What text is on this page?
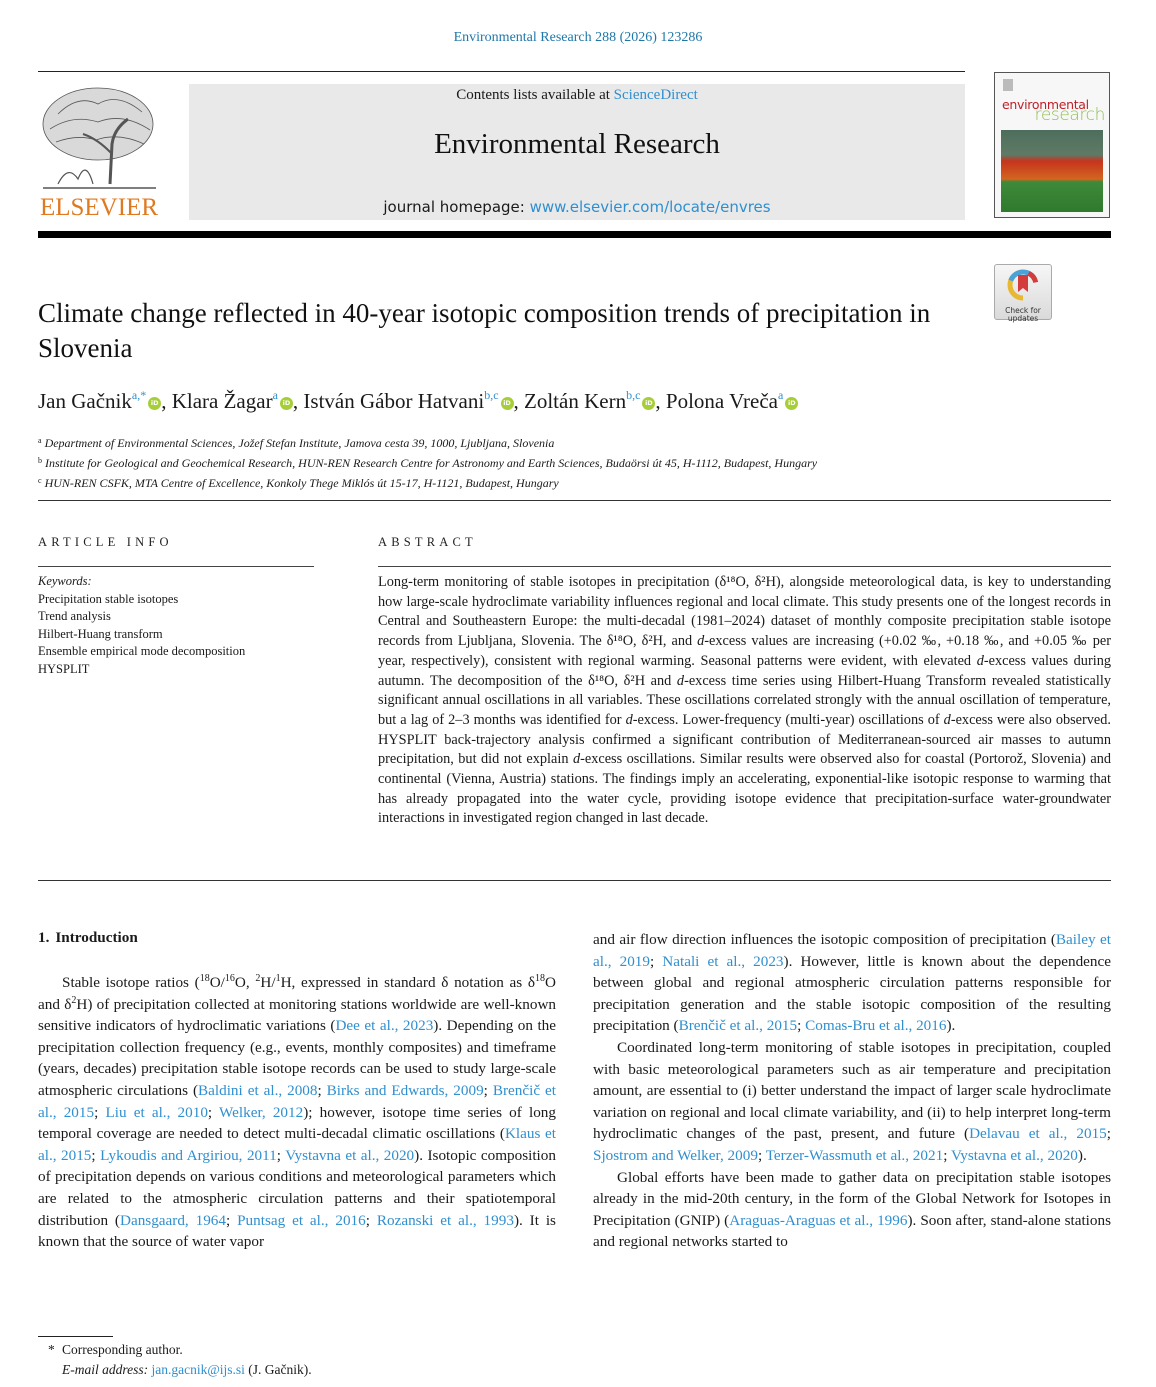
Environmental Research 288 (2026) 123286
ELSEVIER
Contents lists available at ScienceDirect
Environmental Research
journal homepage: www.elsevier.com/locate/envres
environmental
research
Check for
updates
Climate change reflected in 40-year isotopic composition trends of precipitation in Slovenia
Jan Gačnik$^{a,*}$iD , Klara Žagar$^a$iD , István Gábor Hatvani$^{b,c}$iD , Zoltán Kern$^{b,c}$iD , Polona Vreča$^a$iD
$^a$ Department of Environmental Sciences, Jožef Stefan Institute, Jamova cesta 39, 1000, Ljubljana, Slovenia
$^b$ Institute for Geological and Geochemical Research, HUN-REN Research Centre for Astronomy and Earth Sciences, Budaörsi út 45, H-1112, Budapest, Hungary
$^c$ HUN-REN CSFK, MTA Centre of Excellence, Konkoly Thege Miklós út 15-17, H-1121, Budapest, Hungary
ARTICLE INFO	ABSTRACT
Keywords:
Precipitation stable isotopes
Trend analysis
Hilbert-Huang transform
Ensemble empirical mode decomposition
HYSPLIT
Long-term monitoring of stable isotopes in precipitation (δ¹⁸O, δ²H), alongside meteorological data, is key to understanding how large-scale hydroclimate variability influences regional and local climate. This study presents one of the longest records in Central and Southeastern Europe: the multi-decadal (1981–2024) dataset of monthly composite precipitation stable isotope records from Ljubljana, Slovenia. The δ¹⁸O, δ²H, and d-excess values are increasing (+0.02 ‰, +0.18 ‰, and +0.05 ‰ per year, respectively), consistent with regional warming. Seasonal patterns were evident, with elevated d-excess values during autumn. The decomposition of the δ¹⁸O, δ²H and d-excess time series using Hilbert-Huang Transform revealed statistically significant annual oscillations in all variables. These oscillations correlated strongly with the annual oscillation of temperature, but a lag of 2–3 months was identified for d-excess. Lower-frequency (multi-year) oscillations of d-excess were also observed. HYSPLIT back-trajectory analysis confirmed a significant contribution of Mediterranean-sourced air masses to autumn precipitation, but did not explain d-excess oscillations. Similar results were observed also for coastal (Portorož, Slovenia) and continental (Vienna, Austria) stations. The findings imply an accelerating, exponential-like isotopic response to warming that has already propagated into the water cycle, providing isotope evidence that precipitation-surface water-groundwater interactions in investigated region changed in last decade.
1. Introduction

Stable isotope ratios ($^{18}$O/$^{16}$O, $^2$H/$^1$H, expressed in standard δ notation as $\delta^{18}O$ and $\delta^2H$) of precipitation collected at monitoring stations worldwide are well-known sensitive indicators of hydroclimatic variations (Dee et al., 2023). Depending on the precipitation collection frequency (e.g., events, monthly composites) and timeframe (years, decades) precipitation stable isotope records can be used to study large-scale atmospheric circulations (Baldini et al., 2008; Birks and Edwards, 2009; Brenčič et al., 2015; Liu et al., 2010; Welker, 2012); however, isotope time series of long temporal coverage are needed to detect multi-decadal climatic oscillations (Klaus et al., 2015; Lykoudis and Argiriou, 2011; Vystavna et al., 2020). Isotopic composition of precipitation depends on various conditions and meteorological parameters which are related to the atmospheric circulation patterns and their spatiotemporal distribution (Dansgaard, 1964; Puntsag et al., 2016; Rozanski et al., 1993). It is known that the source of water vapor

and air flow direction influences the isotopic composition of precipitation (Bailey et al., 2019; Natali et al., 2023). However, little is known about the dependence between global and regional atmospheric circulation patterns responsible for precipitation generation and the stable isotopic composition of the resulting precipitation (Brenčič et al., 2015; Comas-Bru et al., 2016).

Coordinated long-term monitoring of stable isotopes in precipitation, coupled with basic meteorological parameters such as air temperature and precipitation amount, are essential to (i) better understand the impact of larger scale hydroclimate variation on regional and local climate variability, and (ii) to help interpret long-term hydroclimatic changes of the past, present, and future (Delavau et al., 2015; Sjostrom and Welker, 2009; Terzer-Wassmuth et al., 2021; Vystavna et al., 2020).

Global efforts have been made to gather data on precipitation stable isotopes already in the mid-20th century, in the form of the Global Network for Isotopes in Precipitation (GNIP) (Araguas-Araguas et al., 1996). Soon after, stand-alone stations and regional networks started to

* Corresponding author.
E-mail address: jan.gacnik@ijs.si (J. Gačnik).
